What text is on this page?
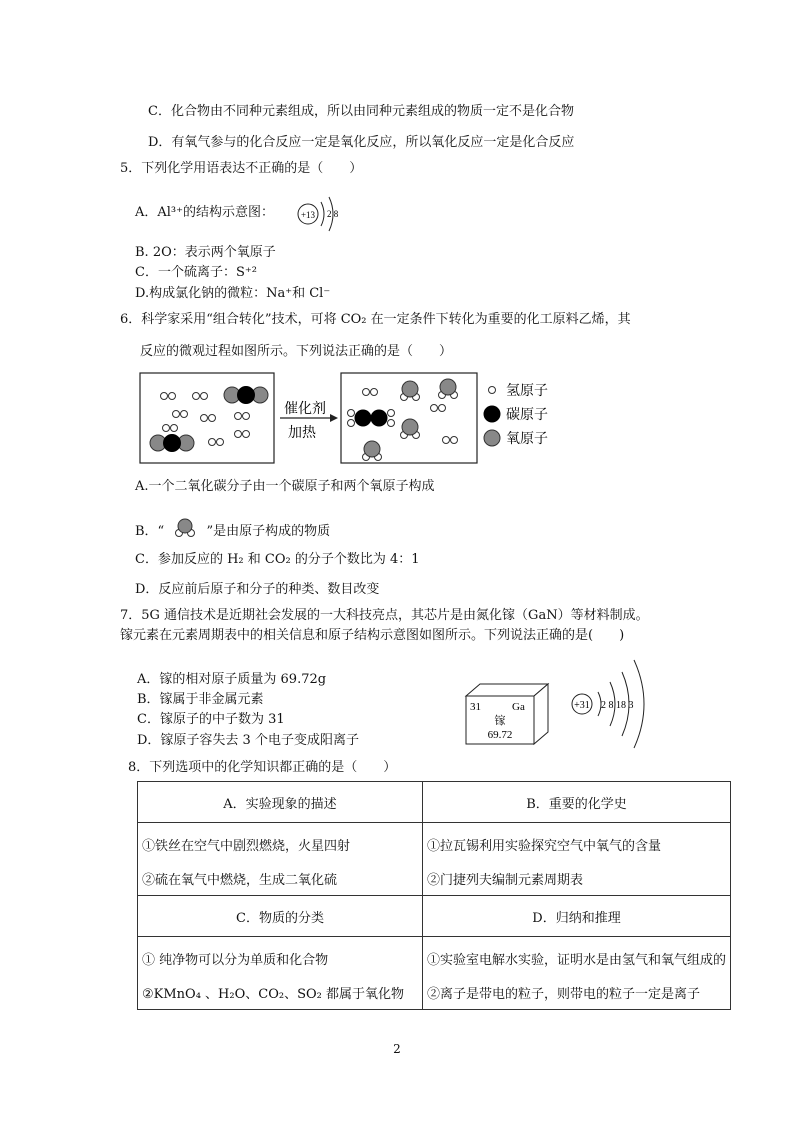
C．化合物由不同种元素组成，所以由同种元素组成的物质一定不是化合物
D．有氧气参与的化合反应一定是氧化反应，所以氧化反应一定是化合反应
5．下列化学用语表达不正确的是（　　）
A．Al³⁺的结构示意图：	+13 2 8
B. 2O：表示两个氧原子
C．一个硫离子：S⁺²
D.构成氯化钠的微粒：Na⁺和 Cl⁻
6．科学家采用“组合转化”技术，可将 CO₂ 在一定条件下转化为重要的化工原料乙烯，其
反应的微观过程如图所示。下列说法正确的是（　　）
催化剂
加热
氢原子
碳原子
氧原子
A.一个二氧化碳分子由一个碳原子和两个氧原子构成
B．“	”是由原子构成的物质
C．参加反应的 H₂ 和 CO₂ 的分子个数比为 4：1
D．反应前后原子和分子的种类、数目改变
7．5G 通信技术是近期社会发展的一大科技亮点，其芯片是由氮化镓（GaN）等材料制成。
镓元素在元素周期表中的相关信息和原子结构示意图如图所示。下列说法正确的是(　　)
A．镓的相对原子质量为 69.72g
B．镓属于非金属元素
C．镓原子的中子数为 31
D．镓原子容失去 3 个电子变成阳离子
31	Ga
镓
69.72
+31 2 8 18 3
8．下列选项中的化学知识都正确的是（　　）
A．实验现象的描述	B．重要的化学史
①铁丝在空气中剧烈燃烧，火星四射	①拉瓦锡利用实验探究空气中氧气的含量
②硫在氧气中燃烧，生成二氧化硫	②门捷列夫编制元素周期表
C．物质的分类	D．归纳和推理
① 纯净物可以分为单质和化合物	①实验室电解水实验，证明水是由氢气和氧气组成的
②KMnO₄ 、H₂O、CO₂、SO₂ 都属于氧化物	②离子是带电的粒子，则带电的粒子一定是离子
2
